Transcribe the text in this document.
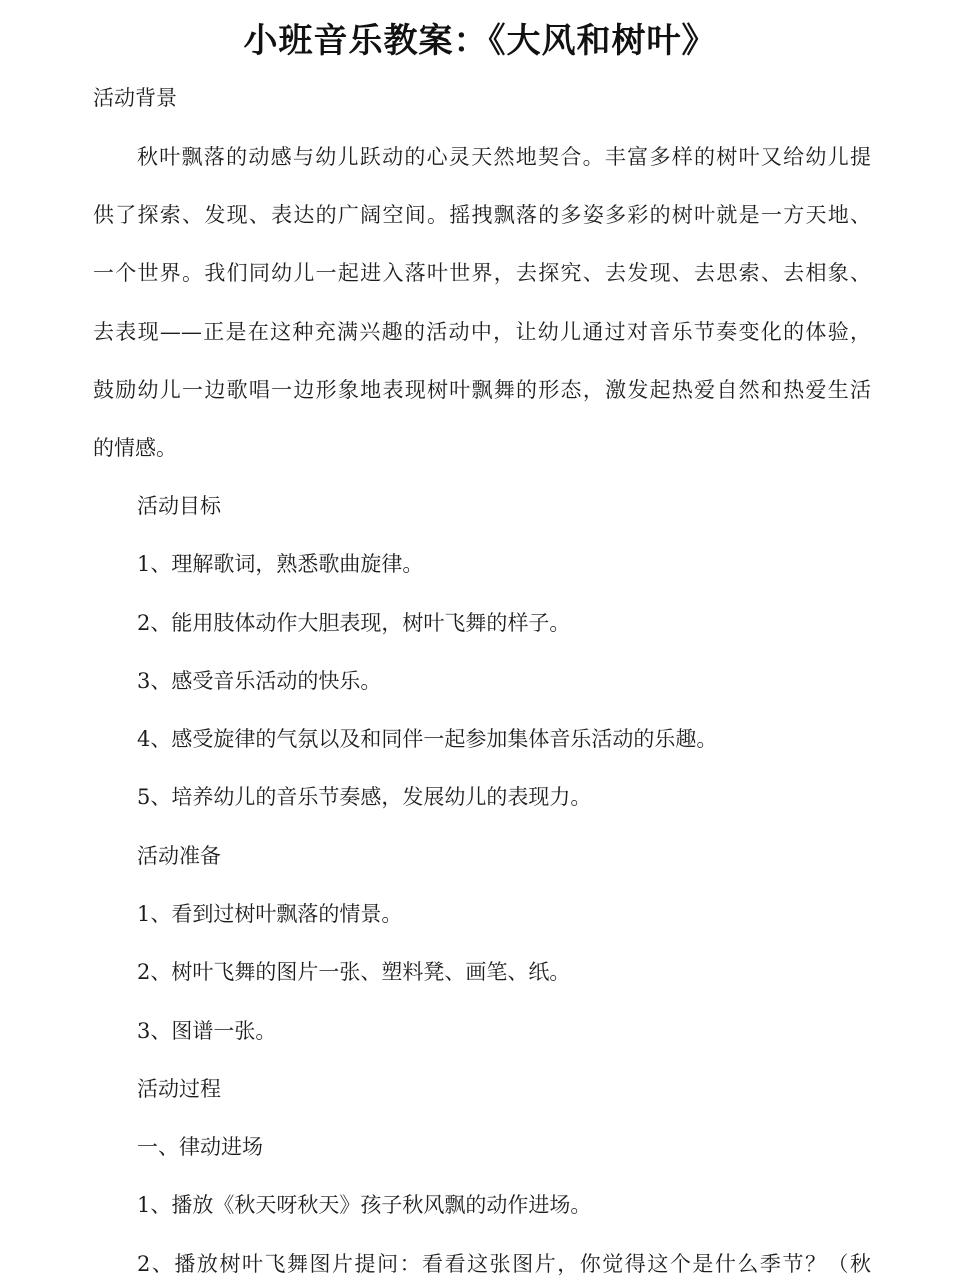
小班音乐教案：《大风和树叶》
活动背景
秋叶飘落的动感与幼儿跃动的心灵天然地契合。丰富多样的树叶又给幼儿提
供了探索、发现、表达的广阔空间。摇拽飘落的多姿多彩的树叶就是一方天地、
一个世界。我们同幼儿一起进入落叶世界，去探究、去发现、去思索、去相象、
去表现——正是在这种充满兴趣的活动中，让幼儿通过对音乐节奏变化的体验，
鼓励幼儿一边歌唱一边形象地表现树叶飘舞的形态，激发起热爱自然和热爱生活
的情感。
活动目标
1、理解歌词，熟悉歌曲旋律。
2、能用肢体动作大胆表现，树叶飞舞的样子。
3、感受音乐活动的快乐。
4、感受旋律的气氛以及和同伴一起参加集体音乐活动的乐趣。
5、培养幼儿的音乐节奏感，发展幼儿的表现力。
活动准备
1、看到过树叶飘落的情景。
2、树叶飞舞的图片一张、塑料凳、画笔、纸。
3、图谱一张。
活动过程
一、律动进场
1、播放《秋天呀秋天》孩子秋风飘的动作进场。
2、播放树叶飞舞图片提问：看看这张图片，你觉得这个是什么季节？（秋
